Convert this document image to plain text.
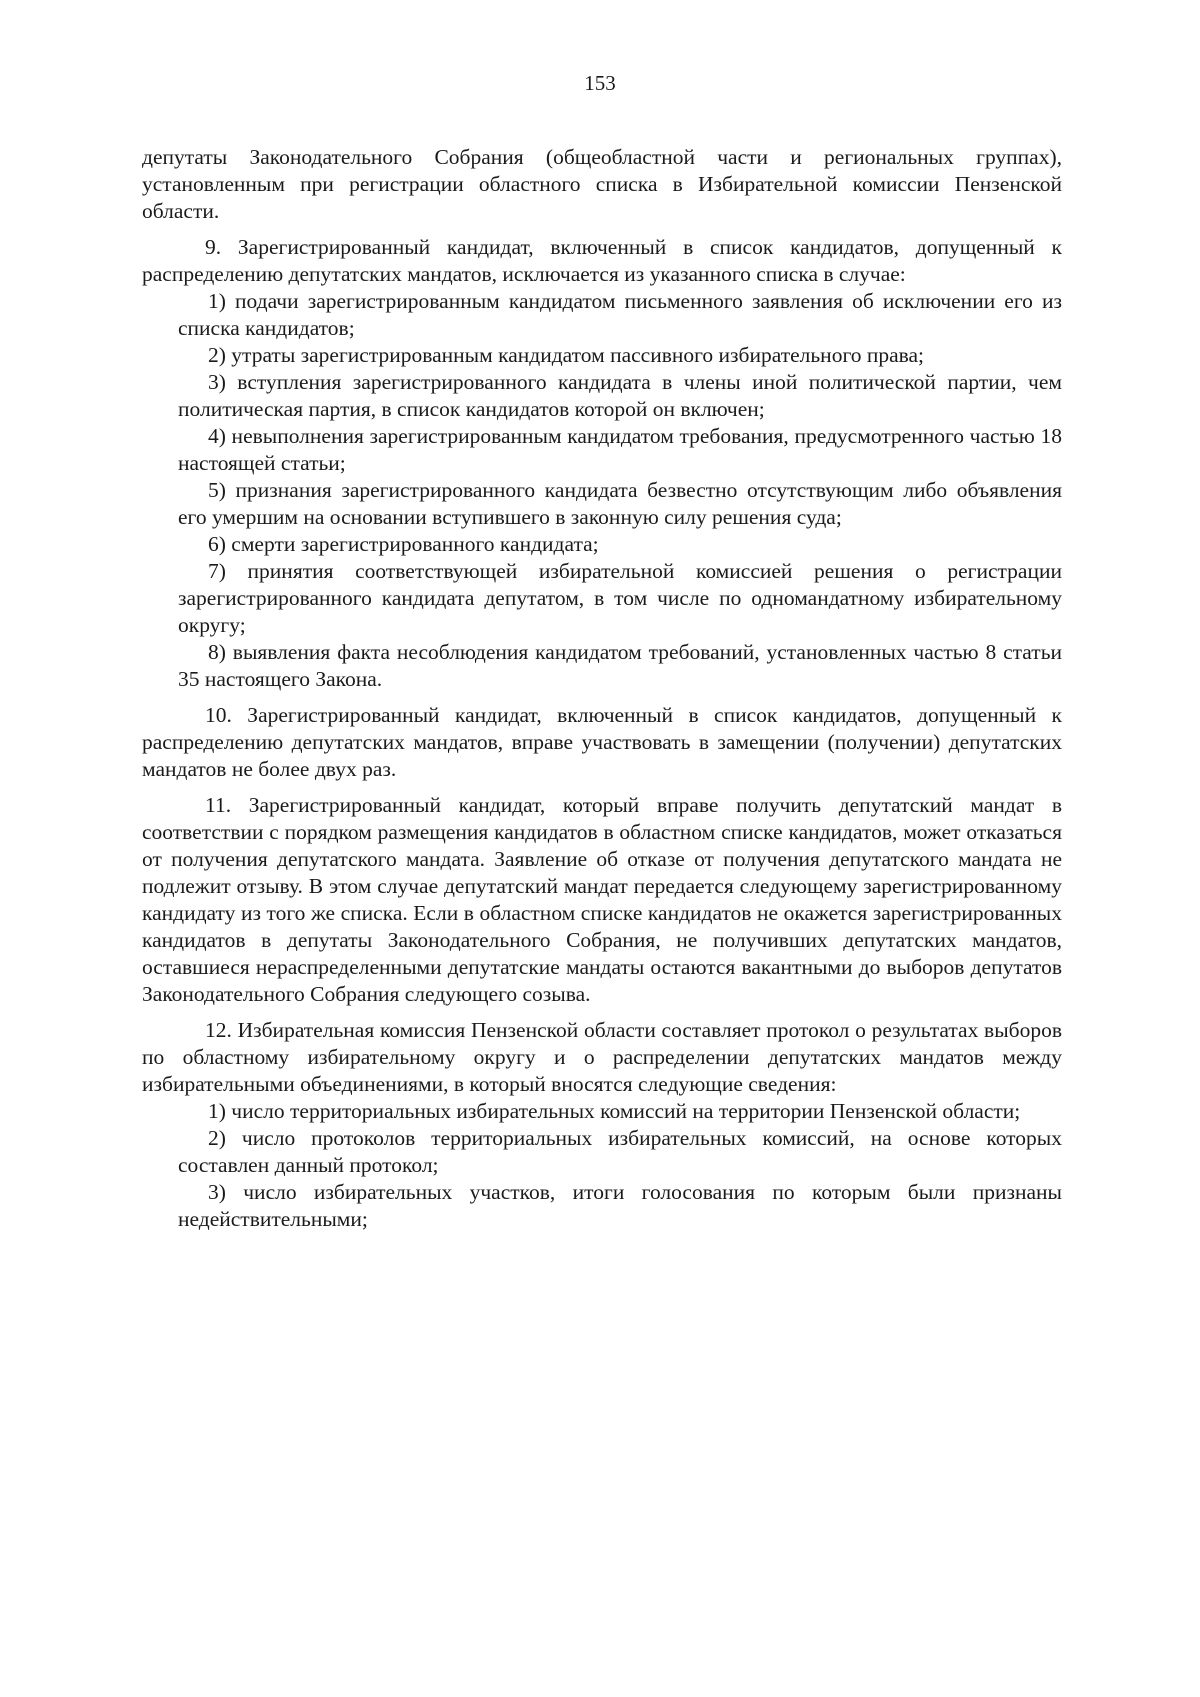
153

депутаты Законодательного Собрания (общеобластной части и региональных группах), установленным при регистрации областного списка в Избирательной комиссии Пензенской области.

9. Зарегистрированный кандидат, включенный в список кандидатов, допущенный к распределению депутатских мандатов, исключается из указанного списка в случае:

1) подачи зарегистрированным кандидатом письменного заявления об исключении его из списка кандидатов;

2) утраты зарегистрированным кандидатом пассивного избирательного права;

3) вступления зарегистрированного кандидата в члены иной политической партии, чем политическая партия, в список кандидатов которой он включен;

4) невыполнения зарегистрированным кандидатом требования, предусмотренного частью 18 настоящей статьи;

5) признания зарегистрированного кандидата безвестно отсутствующим либо объявления его умершим на основании вступившего в законную силу решения суда;

6) смерти зарегистрированного кандидата;

7) принятия соответствующей избирательной комиссией решения о регистрации зарегистрированного кандидата депутатом, в том числе по одномандатному избирательному округу;

8) выявления факта несоблюдения кандидатом требований, установленных частью 8 статьи 35 настоящего Закона.

10. Зарегистрированный кандидат, включенный в список кандидатов, допущенный к распределению депутатских мандатов, вправе участвовать в замещении (получении) депутатских мандатов не более двух раз.

11. Зарегистрированный кандидат, который вправе получить депутатский мандат в соответствии с порядком размещения кандидатов в областном списке кандидатов, может отказаться от получения депутатского мандата. Заявление об отказе от получения депутатского мандата не подлежит отзыву. В этом случае депутатский мандат передается следующему зарегистрированному кандидату из того же списка. Если в областном списке кандидатов не окажется зарегистрированных кандидатов в депутаты Законодательного Собрания, не получивших депутатских мандатов, оставшиеся нераспределенными депутатские мандаты остаются вакантными до выборов депутатов Законодательного Собрания следующего созыва.

12. Избирательная комиссия Пензенской области составляет протокол о результатах выборов по областному избирательному округу и о распределении депутатских мандатов между избирательными объединениями, в который вносятся следующие сведения:

1) число территориальных избирательных комиссий на территории Пензенской области;

2) число протоколов территориальных избирательных комиссий, на основе которых составлен данный протокол;

3) число избирательных участков, итоги голосования по которым были признаны недействительными;
